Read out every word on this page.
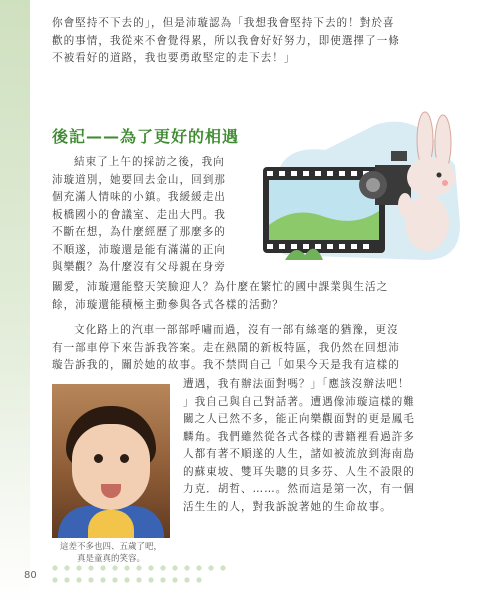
你會堅持不下去的」，但是沛璇認為「我想我會堅持下去的！對於喜
歡的事情，我從來不會覺得累，所以我會好好努力，即使選擇了一條
不被看好的道路，我也要勇敢堅定的走下去！」
後記——為了更好的相遇
結束了上午的採訪之後，我向
沛璇道別，她要回去金山，回到那
個充滿人情味的小鎮。我緩緩走出
板橋國小的會議室、走出大門。我
不斷在想，為什麼經歷了那麼多的
不順遂，沛璇還是能有滿滿的正向
與樂觀？為什麼沒有父母親在身旁
關愛，沛璇還能整天笑臉迎人？為什麼在繁忙的國中課業與生活之
餘，沛璇還能積極主動參與各式各樣的活動？
文化路上的汽車一部部呼嘯而過，沒有一部有絲毫的猶豫，更沒
有一部車停下來告訴我答案。走在熱鬧的新板特區，我仍然在回想沛
璇告訴我的，關於她的故事。我不禁問自己「如果今天是我有這樣的
遭遇，我有辦法面對嗎？」「應該沒辦法吧！
」我自己與自己對話著。遭遇像沛璇這樣的難
關之人已然不多，能正向樂觀面對的更是鳳毛
麟角。我們雖然從各式各樣的書籍裡看過許多
人都有著不順遂的人生，諸如被流放到海南島
的蘇東坡、雙耳失聰的貝多芬、人生不設限的
力克．胡哲、……。然而這是第一次，有一個
活生生的人，對我訴說著她的生命故事。
這差不多也四、五歲了吧，
真是童真的笑容。
80
